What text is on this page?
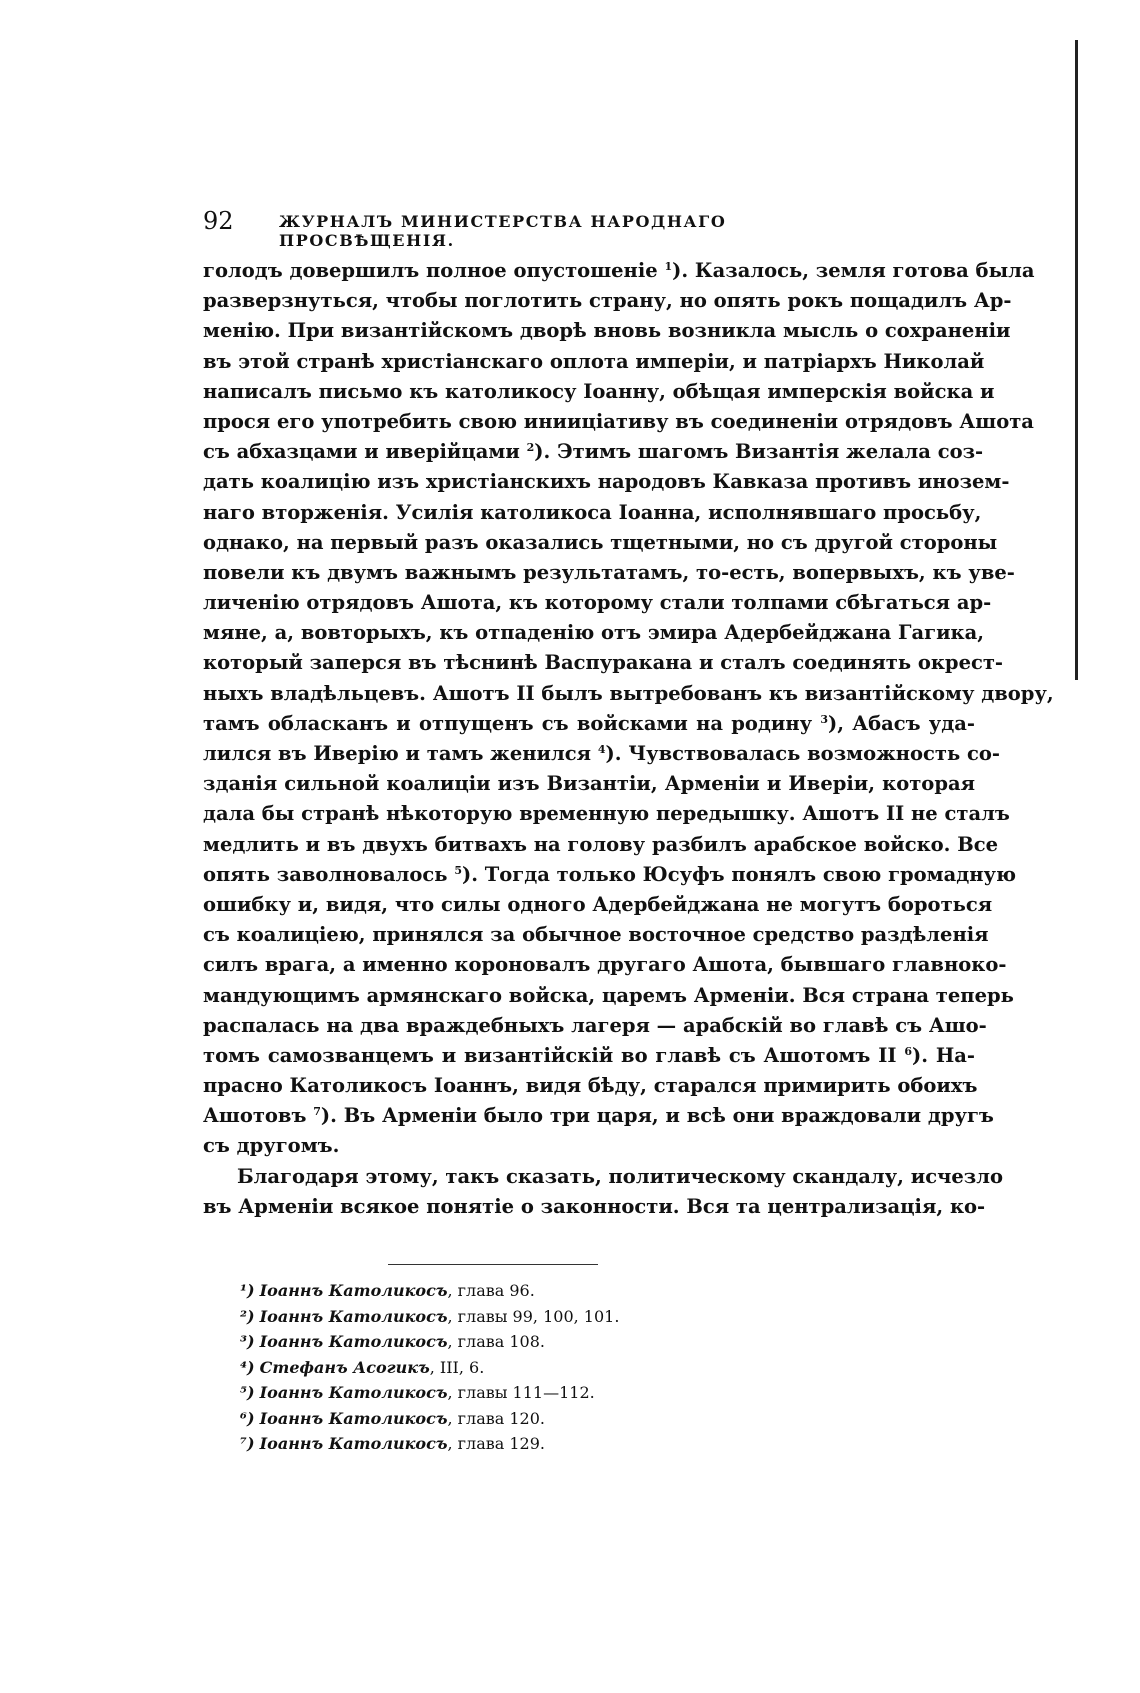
92	ЖУРНАЛЪ МИНИСТЕРСТВА НАРОДНАГО ПРОСВѢЩЕНІЯ.
голодъ довершилъ полное опустошеніе $^1$). Казалось, земля готова была
разверзнуться, чтобы поглотить страну, но опять рокъ пощадилъ Ар-
менію. При византійскомъ дворѣ вновь возникла мысль о сохраненіи
въ этой странѣ христіанскаго оплота имперіи, и патріархъ Николай
написалъ письмо къ католикосу Іоанну, обѣщая имперскія войска и
прося его употребить свою инииціативу въ соединеніи отрядовъ Ашота
съ абхазцами и иверійцами $^2$). Этимъ шагомъ Византія желала соз-
дать коалицію изъ христіанскихъ народовъ Кавказа противъ инозем-
наго вторженія. Усилія католикоса Іоанна, исполнявшаго просьбу,
однако, на первый разъ оказались тщетными, но съ другой стороны
повели къ двумъ важнымъ результатамъ, то-есть, вопервыхъ, къ уве-
личенію отрядовъ Ашота, къ которому стали толпами сбѣгаться ар-
мяне, а, вовторыхъ, къ отпаденію отъ эмира Адербейджана Гагика,
который заперся въ тѣснинѣ Васпуракана и сталъ соединять окрест-
ныхъ владѣльцевъ. Ашотъ II былъ вытребованъ къ византійскому двору,
тамъ обласканъ и отпущенъ съ войсками на родину $^3$), Абасъ уда-
лился въ Иверію и тамъ женился $^4$). Чувствовалась возможность со-
зданія сильной коалиціи изъ Византіи, Арменіи и Иверіи, которая
дала бы странѣ нѣкоторую временную передышку. Ашотъ II не сталъ
медлить и въ двухъ битвахъ на голову разбилъ арабское войско. Все
опять заволновалось $^5$). Тогда только Юсуфъ понялъ свою громадную
ошибку и, видя, что силы одного Адербейджана не могутъ бороться
съ коалиціею, принялся за обычное восточное средство раздѣленія
силъ врага, а именно короновалъ другаго Ашота, бывшаго главноко-
мандующимъ армянскаго войска, царемъ Арменіи. Вся страна теперь
распалась на два враждебныхъ лагеря — арабскій во главѣ съ Ашо-
томъ самозванцемъ и византійскій во главѣ съ Ашотомъ II $^6$). На-
прасно Католикосъ Іоаннъ, видя бѣду, старался примирить обоихъ
Ашотовъ $^7$). Въ Арменіи было три царя, и всѣ они враждовали другъ
съ другомъ.
Благодаря этому, такъ сказать, политическому скандалу, исчезло
въ Арменіи всякое понятіе о законности. Вся та централизація, ко-
¹) Іоаннъ Католикосъ, глава 96.
²) Іоаннъ Католикосъ, главы 99, 100, 101.
³) Іоаннъ Католикосъ, глава 108.
⁴) Стефанъ Асогикъ, III, 6.
⁵) Іоаннъ Католикосъ, главы 111—112.
⁶) Іоаннъ Католикосъ, глава 120.
⁷) Іоаннъ Католикосъ, глава 129.
